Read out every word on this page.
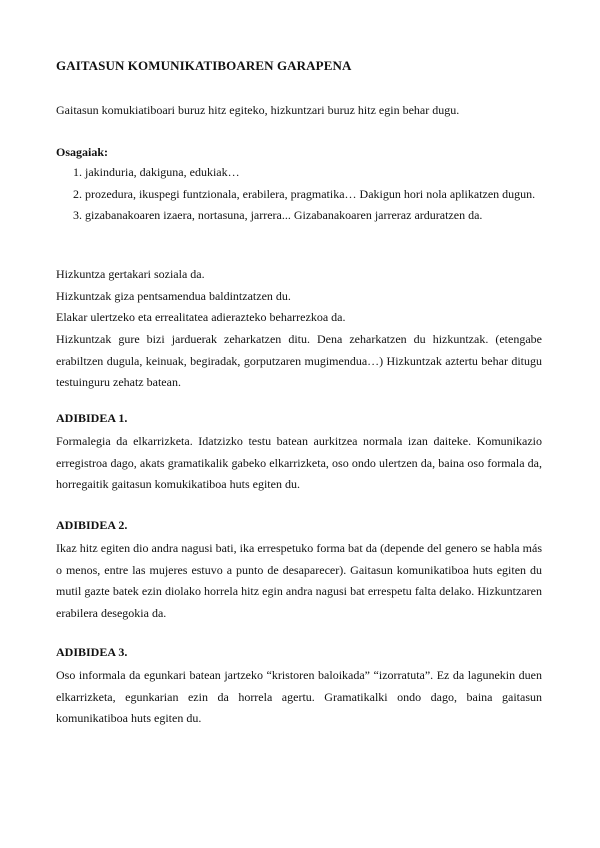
GAITASUN KOMUNIKATIBOAREN GARAPENA
Gaitasun komukiatiboari buruz hitz egiteko, hizkuntzari buruz hitz egin behar dugu.
Osagaiak:
1. jakinduria, dakiguna, edukiak…
2. prozedura, ikuspegi funtzionala, erabilera, pragmatika… Dakigun hori nola aplikatzen dugun.
3. gizabanakoaren izaera, nortasuna, jarrera... Gizabanakoaren jarreraz arduratzen da.
Hizkuntza gertakari soziala da.
Hizkuntzak giza pentsamendua baldintzatzen du.
Elakar ulertzeko eta errealitatea adierazteko beharrezkoa da.
Hizkuntzak gure bizi jarduerak zeharkatzen ditu. Dena zeharkatzen du hizkuntzak. (etengabe erabiltzen dugula, keinuak, begiradak, gorputzaren mugimendua…) Hizkuntzak aztertu behar ditugu testuinguru zehatz batean.
ADIBIDEA 1.
Formalegia da elkarrizketa. Idatzizko testu batean aurkitzea normala izan daiteke. Komunikazio erregistroa dago, akats gramatikalik gabeko elkarrizketa, oso ondo ulertzen da, baina oso formala da, horregaitik gaitasun komukikatiboa huts egiten du.
ADIBIDEA 2.
Ikaz hitz egiten dio andra nagusi bati, ika errespetuko forma bat da (depende del genero se habla más o menos, entre las mujeres estuvo a punto de desaparecer). Gaitasun komunikatiboa huts egiten du mutil gazte batek ezin diolako horrela hitz egin andra nagusi bat errespetu falta delako. Hizkuntzaren erabilera desegokia da.
ADIBIDEA 3.
Oso informala da egunkari batean jartzeko “kristoren baloikada” “izorratuta”. Ez da lagunekin duen elkarrizketa, egunkarian ezin da horrela agertu. Gramatikalki ondo dago, baina gaitasun komunikatiboa huts egiten du.
